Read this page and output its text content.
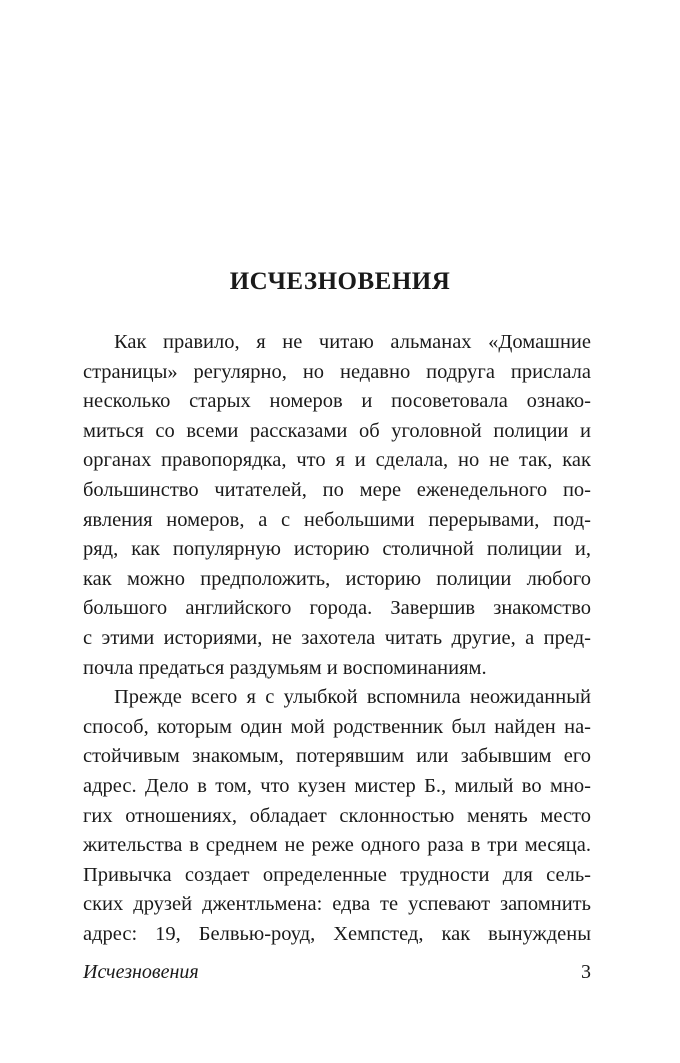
ИСЧЕЗНОВЕНИЯ
Как правило, я не читаю альманах «Домашние
страницы» регулярно, но недавно подруга прислала
несколько старых номеров и посоветовала ознако-
миться со всеми рассказами об уголовной полиции и
органах правопорядка, что я и сделала, но не так, как
большинство читателей, по мере еженедельного по-
явления номеров, а с небольшими перерывами, под-
ряд, как популярную историю столичной полиции и,
как можно предположить, историю полиции любого
большого английского города. Завершив знакомство
с этими историями, не захотела читать другие, а пред-
почла предаться раздумьям и воспоминаниям.
Прежде всего я с улыбкой вспомнила неожиданный
способ, которым один мой родственник был найден на-
стойчивым знакомым, потерявшим или забывшим его
адрес. Дело в том, что кузен мистер Б., милый во мно-
гих отношениях, обладает склонностью менять место
жительства в среднем не реже одного раза в три месяца.
Привычка создает определенные трудности для сель-
ских друзей джентльмена: едва те успевают запомнить
адрес: 19, Белвью-роуд, Хемпстед, как вынуждены
Исчезновения	3
